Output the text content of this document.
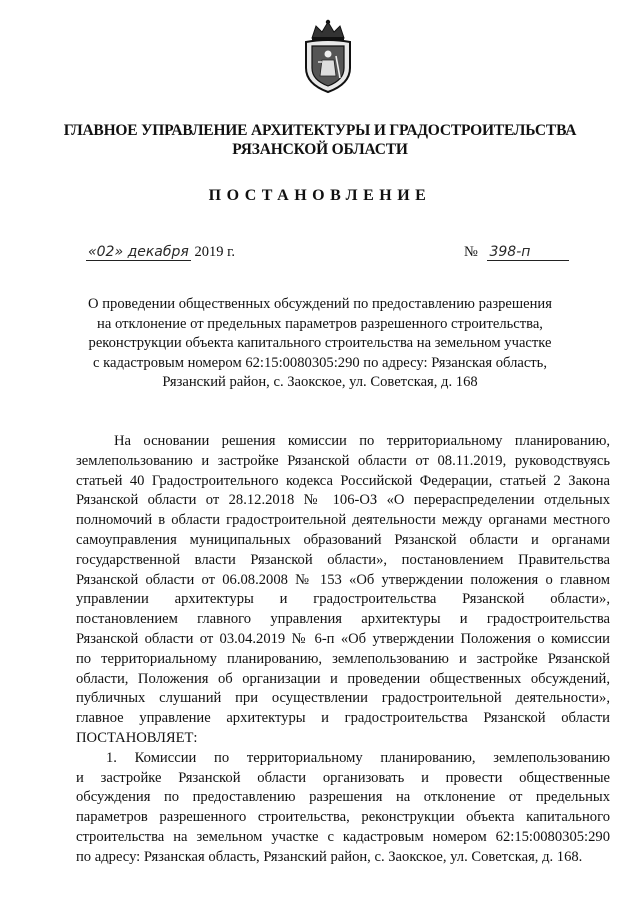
ГЛАВНОЕ УПРАВЛЕНИЕ АРХИТЕКТУРЫ И ГРАДОСТРОИТЕЛЬСТВА
РЯЗАНСКОЙ ОБЛАСТИ
ПОСТАНОВЛЕНИЕ
«02» декабря 2019 г.	№ 398-п
О проведении общественных обсуждений по предоставлению разрешения
на отклонение от предельных параметров разрешенного строительства,
реконструкции объекта капитального строительства на земельном участке
с кадастровым номером 62:15:0080305:290 по адресу: Рязанская область,
Рязанский район, с. Заокское, ул. Советская, д. 168
На основании решения комиссии по территориальному планированию,
землепользованию и застройке Рязанской области от 08.11.2019, руководствуясь
статьей 40 Градостроительного кодекса Российской Федерации, статьей 2 Закона
Рязанской области от 28.12.2018 № 106-ОЗ «О перераспределении отдельных
полномочий в области градостроительной деятельности между органами местного
самоуправления муниципальных образований Рязанской области и органами
государственной власти Рязанской области», постановлением Правительства
Рязанской области от 06.08.2008 № 153 «Об утверждении положения о главном
управлении архитектуры и градостроительства Рязанской области»,
постановлением главного управления архитектуры и градостроительства
Рязанской области от 03.04.2019 № 6-п «Об утверждении Положения о комиссии
по территориальному планированию, землепользованию и застройке Рязанской
области, Положения об организации и проведении общественных обсуждений,
публичных слушаний при осуществлении градостроительной деятельности»,
главное управление архитектуры и градостроительства Рязанской области
ПОСТАНОВЛЯЕТ:
1. Комиссии по территориальному планированию, землепользованию
и застройке Рязанской области организовать и провести общественные
обсуждения по предоставлению разрешения на отклонение от предельных
параметров разрешенного строительства, реконструкции объекта капитального
строительства на земельном участке с кадастровым номером 62:15:0080305:290
по адресу: Рязанская область, Рязанский район, с. Заокское, ул. Советская, д. 168.
